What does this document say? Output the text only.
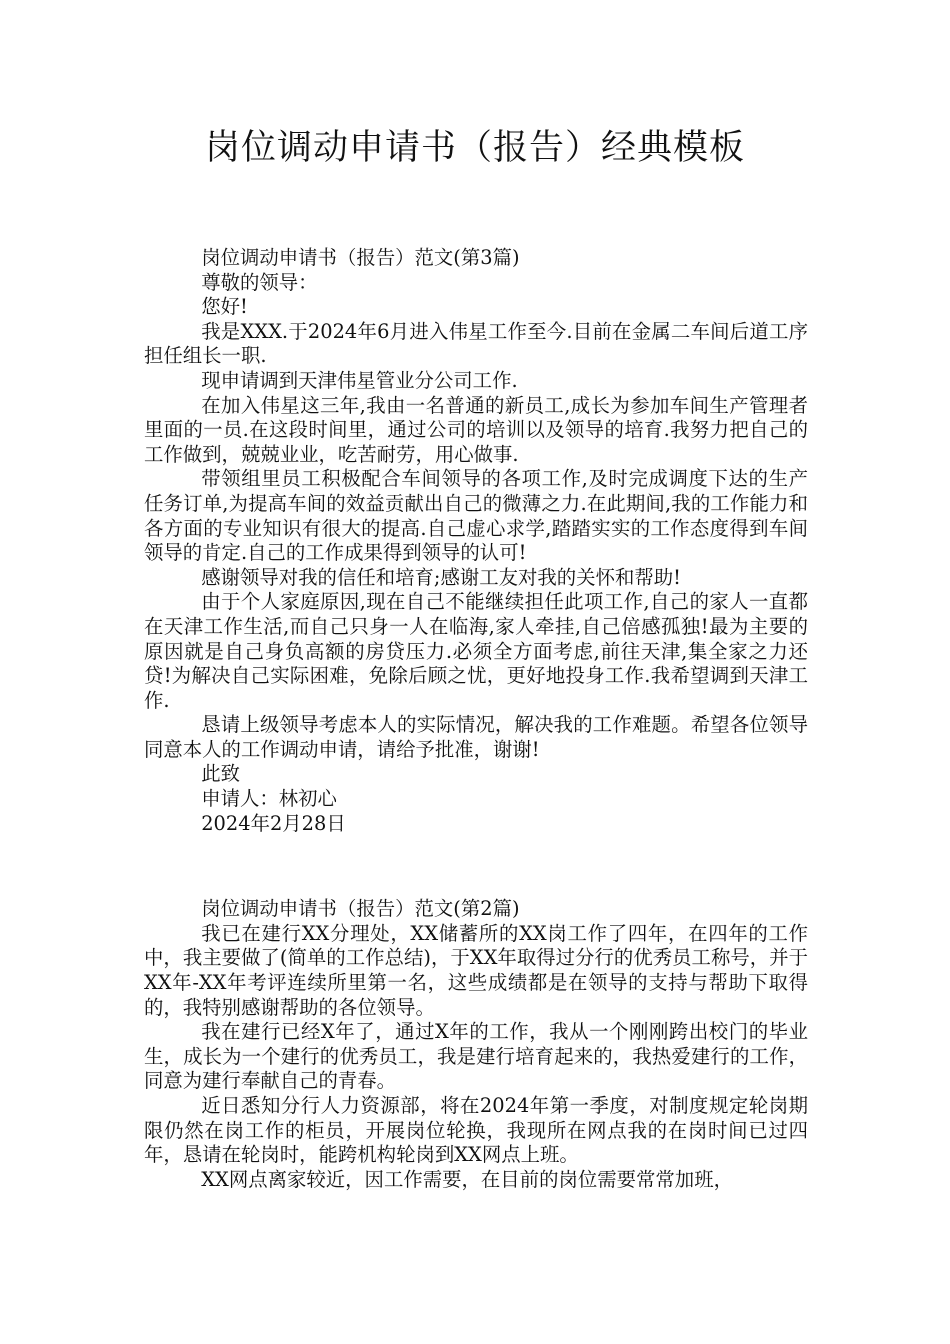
岗位调动申请书（报告）经典模板

岗位调动申请书（报告）范文(第3篇)

尊敬的领导：

您好!

我是XXX.于2024年6月进入伟星工作至今.目前在金属二车间后道工序担任组长一职.

现申请调到天津伟星管业分公司工作.

在加入伟星这三年,我由一名普通的新员工,成长为参加车间生产管理者里面的一员.在这段时间里，通过公司的培训以及领导的培育.我努力把自己的工作做到，兢兢业业，吃苦耐劳，用心做事.

带领组里员工积极配合车间领导的各项工作,及时完成调度下达的生产任务订单,为提高车间的效益贡献出自己的微薄之力.在此期间,我的工作能力和各方面的专业知识有很大的提高.自己虚心求学,踏踏实实的工作态度得到车间领导的肯定.自己的工作成果得到领导的认可!

感谢领导对我的信任和培育;感谢工友对我的关怀和帮助!

由于个人家庭原因,现在自己不能继续担任此项工作,自己的家人一直都在天津工作生活,而自己只身一人在临海,家人牵挂,自己倍感孤独!最为主要的原因就是自己身负高额的房贷压力.必须全方面考虑,前往天津,集全家之力还贷!为解决自己实际困难，免除后顾之忧，更好地投身工作.我希望调到天津工作.

恳请上级领导考虑本人的实际情况，解决我的工作难题。希望各位领导同意本人的工作调动申请，请给予批准，谢谢!

此致

申请人：林初心

2024年2月28日

岗位调动申请书（报告）范文(第2篇)

我已在建行XX分理处，XX储蓄所的XX岗工作了四年，在四年的工作中，我主要做了(简单的工作总结)，于XX年取得过分行的优秀员工称号，并于XX年-XX年考评连续所里第一名，这些成绩都是在领导的支持与帮助下取得的，我特别感谢帮助的各位领导。

我在建行已经X年了，通过X年的工作，我从一个刚刚跨出校门的毕业生，成长为一个建行的优秀员工，我是建行培育起来的，我热爱建行的工作，同意为建行奉献自己的青春。

近日悉知分行人力资源部，将在2024年第一季度，对制度规定轮岗期限仍然在岗工作的柜员，开展岗位轮换，我现所在网点我的在岗时间已过四年，恳请在轮岗时，能跨机构轮岗到XX网点上班。

XX网点离家较近，因工作需要，在目前的岗位需要常常加班，
